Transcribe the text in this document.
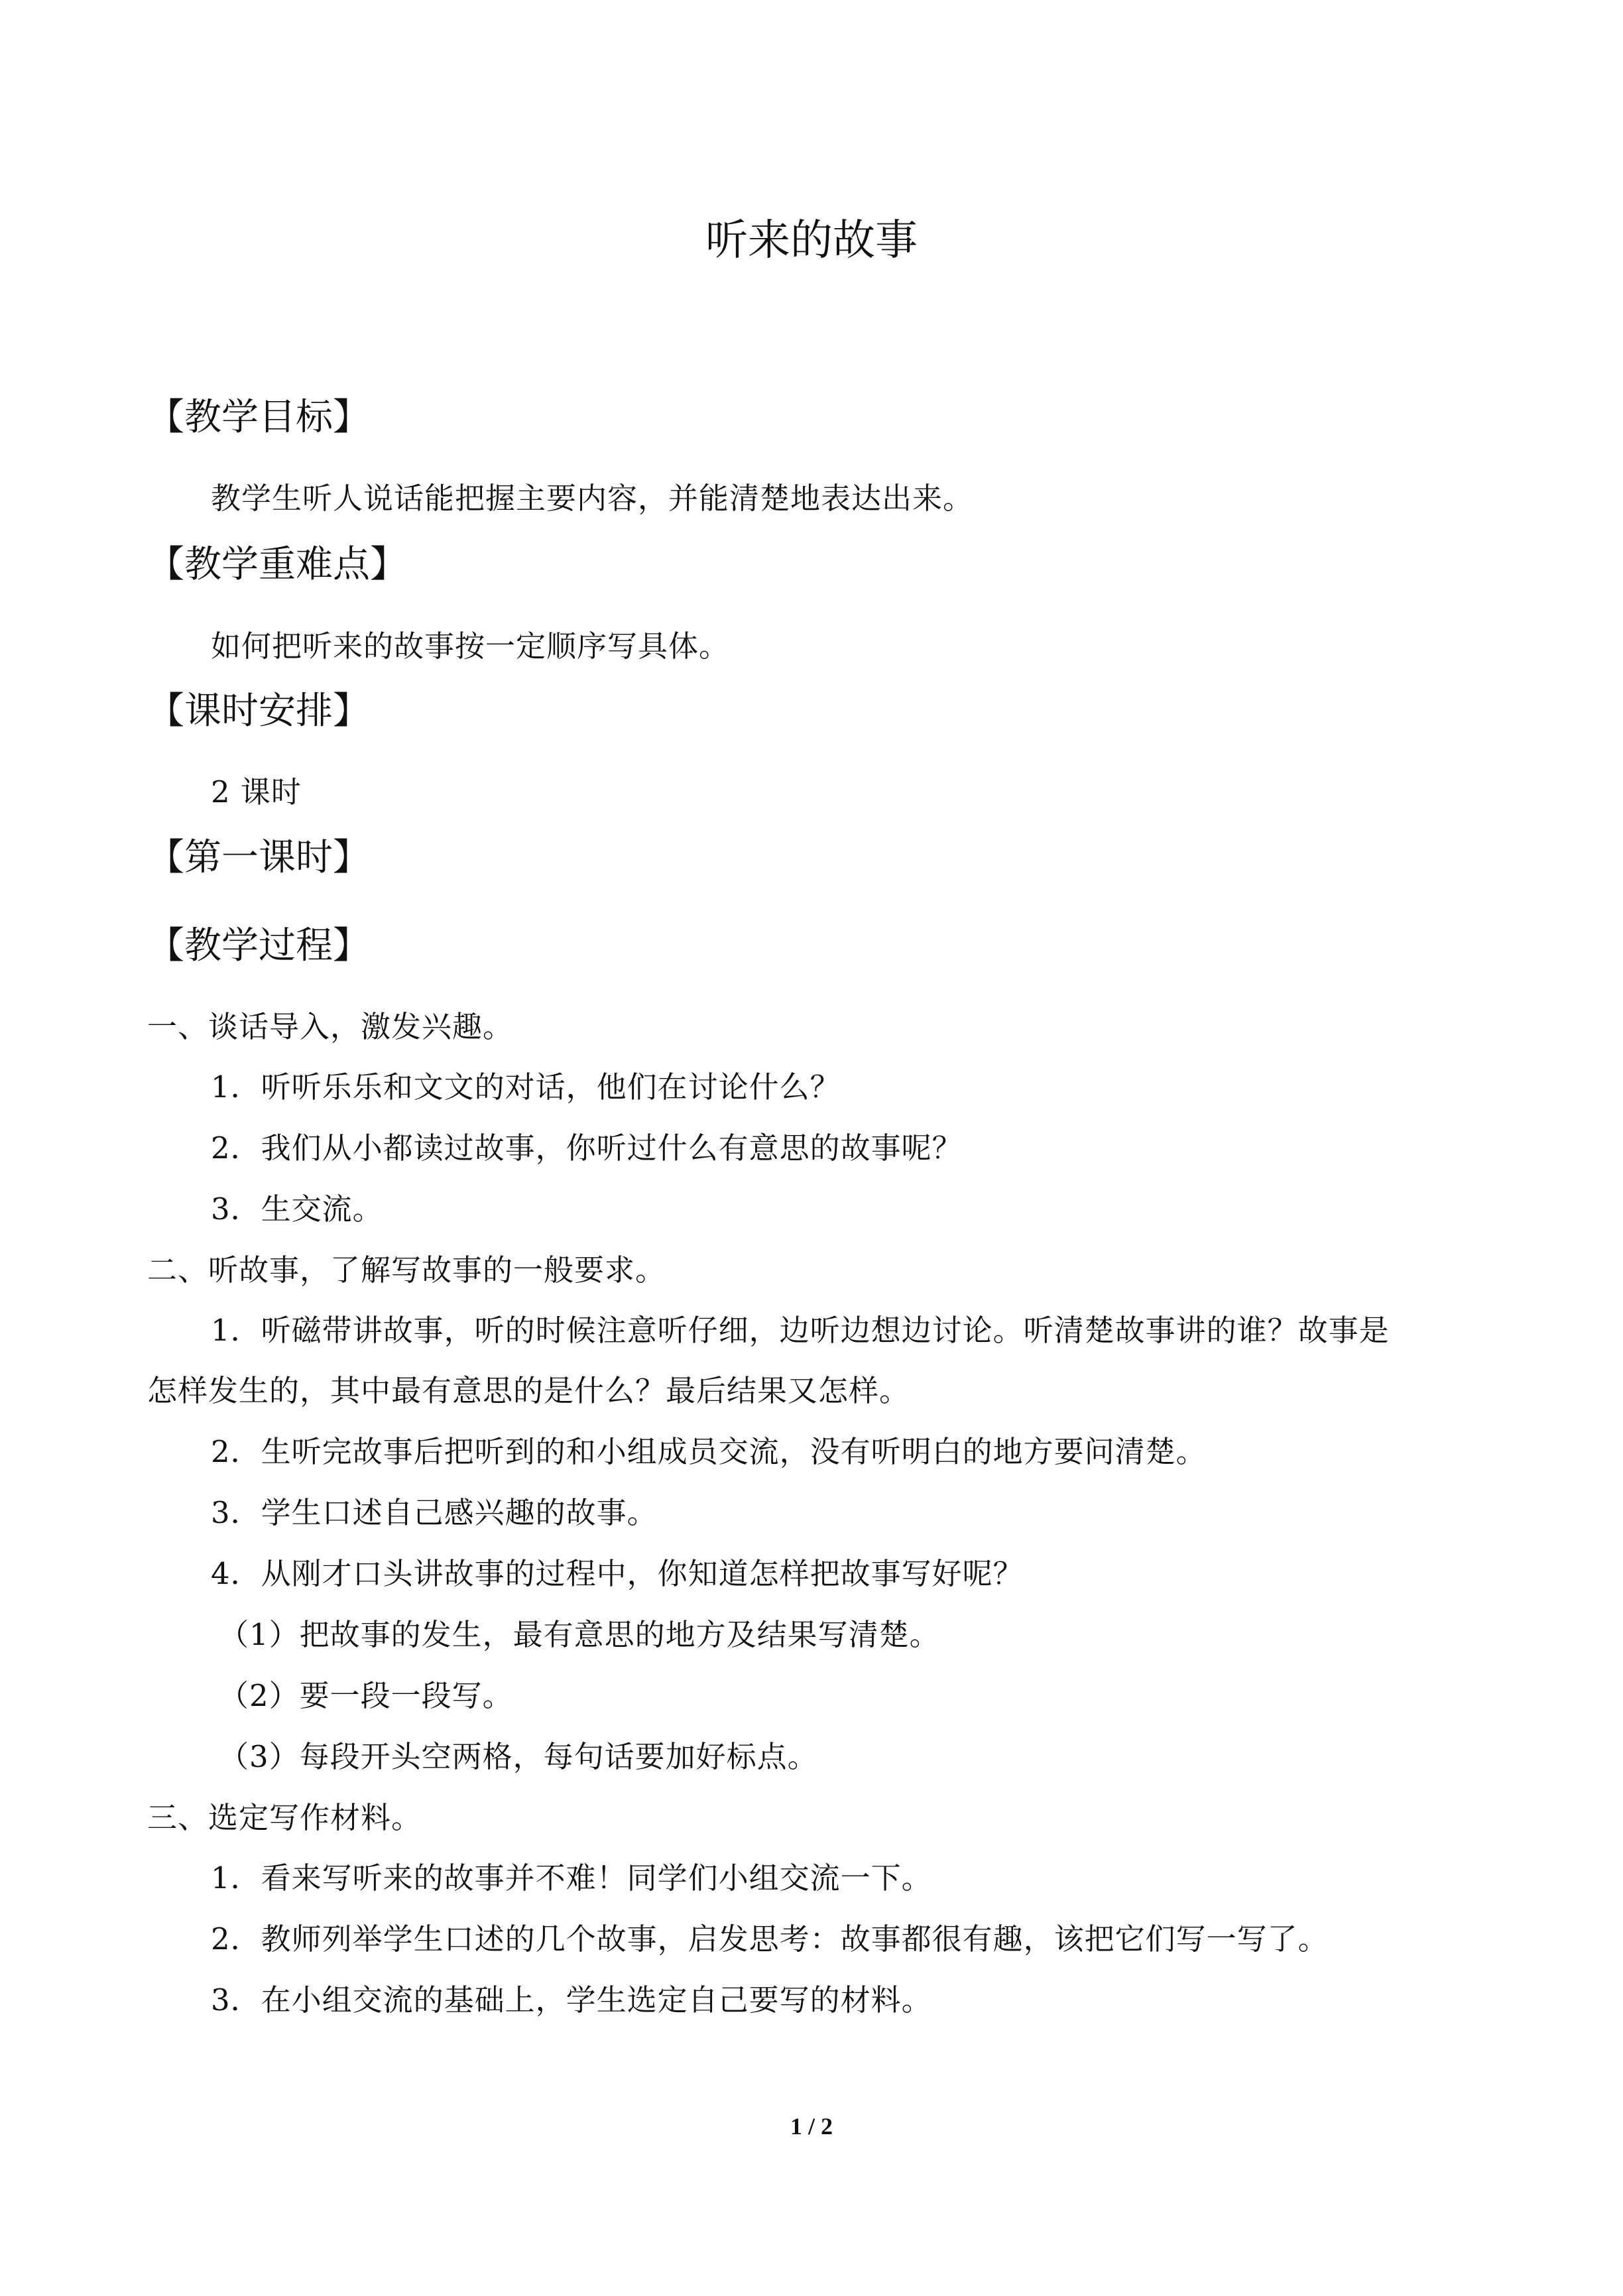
听来的故事
【教学目标】
教学生听人说话能把握主要内容，并能清楚地表达出来。
【教学重难点】
如何把听来的故事按一定顺序写具体。
【课时安排】
2 课时
【第一课时】
【教学过程】
一、谈话导入，激发兴趣。
1．听听乐乐和文文的对话，他们在讨论什么？
2．我们从小都读过故事，你听过什么有意思的故事呢？
3．生交流。
二、听故事，了解写故事的一般要求。
1．听磁带讲故事，听的时候注意听仔细，边听边想边讨论。听清楚故事讲的谁？故事是
怎样发生的，其中最有意思的是什么？最后结果又怎样。
2．生听完故事后把听到的和小组成员交流，没有听明白的地方要问清楚。
3．学生口述自己感兴趣的故事。
4．从刚才口头讲故事的过程中，你知道怎样把故事写好呢？
（1）把故事的发生，最有意思的地方及结果写清楚。
（2）要一段一段写。
（3）每段开头空两格，每句话要加好标点。
三、选定写作材料。
1．看来写听来的故事并不难！同学们小组交流一下。
2．教师列举学生口述的几个故事，启发思考：故事都很有趣，该把它们写一写了。
3．在小组交流的基础上，学生选定自己要写的材料。
1 / 2
